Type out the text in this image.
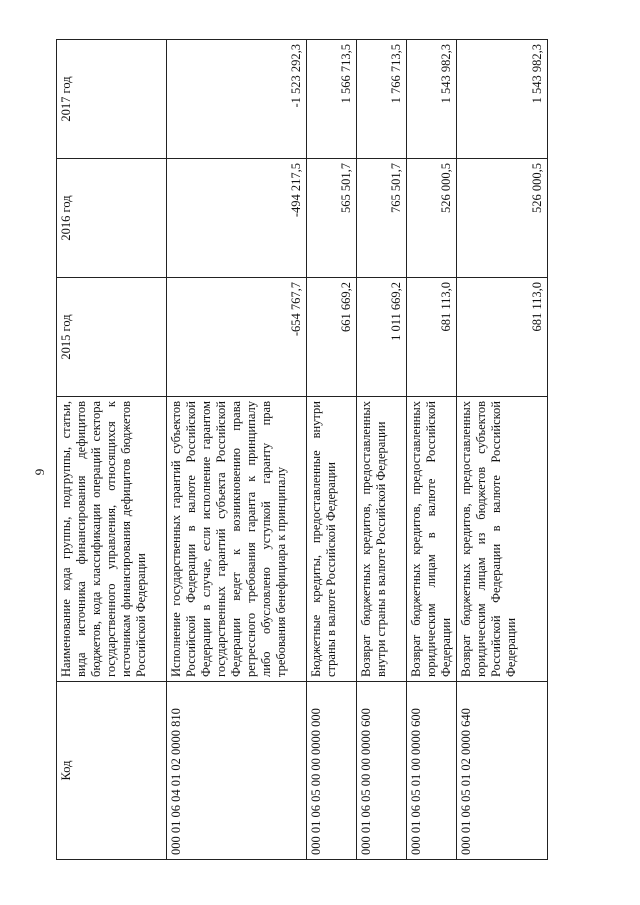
9
Код	Наименование кода группы, подгруппы, статьи, вида источника финансирования дефицитов бюджетов, кода классификации операций сектора государственного управления, относящихся к источникам финансирования дефицитов бюджетов Российской Федерации	2015 год	2016 год	2017 год
000 01 06 04 01 02 0000 810	Исполнение государственных гарантий субъектов Российской Федерации в валюте Российской Федерации в случае, если исполнение гарантом государственных гарантий субъекта Российской Федерации ведет к возникновению права регрессного требования гаранта к принципалу либо обусловлено уступкой гаранту прав требования бенефициара к принципалу	-654 767,7	-494 217,5	-1 523 292,3
000 01 06 05 00 00 0000 000	Бюджетные кредиты, предоставленные внутри страны в валюте Российской Федерации	661 669,2	565 501,7	1 566 713,5
000 01 06 05 00 00 0000 600	Возврат бюджетных кредитов, предоставленных внутри страны в валюте Российской Федерации	1 011 669,2	765 501,7	1 766 713,5
000 01 06 05 01 00 0000 600	Возврат бюджетных кредитов, предоставленных юридическим лицам в валюте Российской Федерации	681 113,0	526 000,5	1 543 982,3
000 01 06 05 01 02 0000 640	Возврат бюджетных кредитов, предоставленных юридическим лицам из бюджетов субъектов Российской Федерации в валюте Российской Федерации	681 113,0	526 000,5	1 543 982,3
